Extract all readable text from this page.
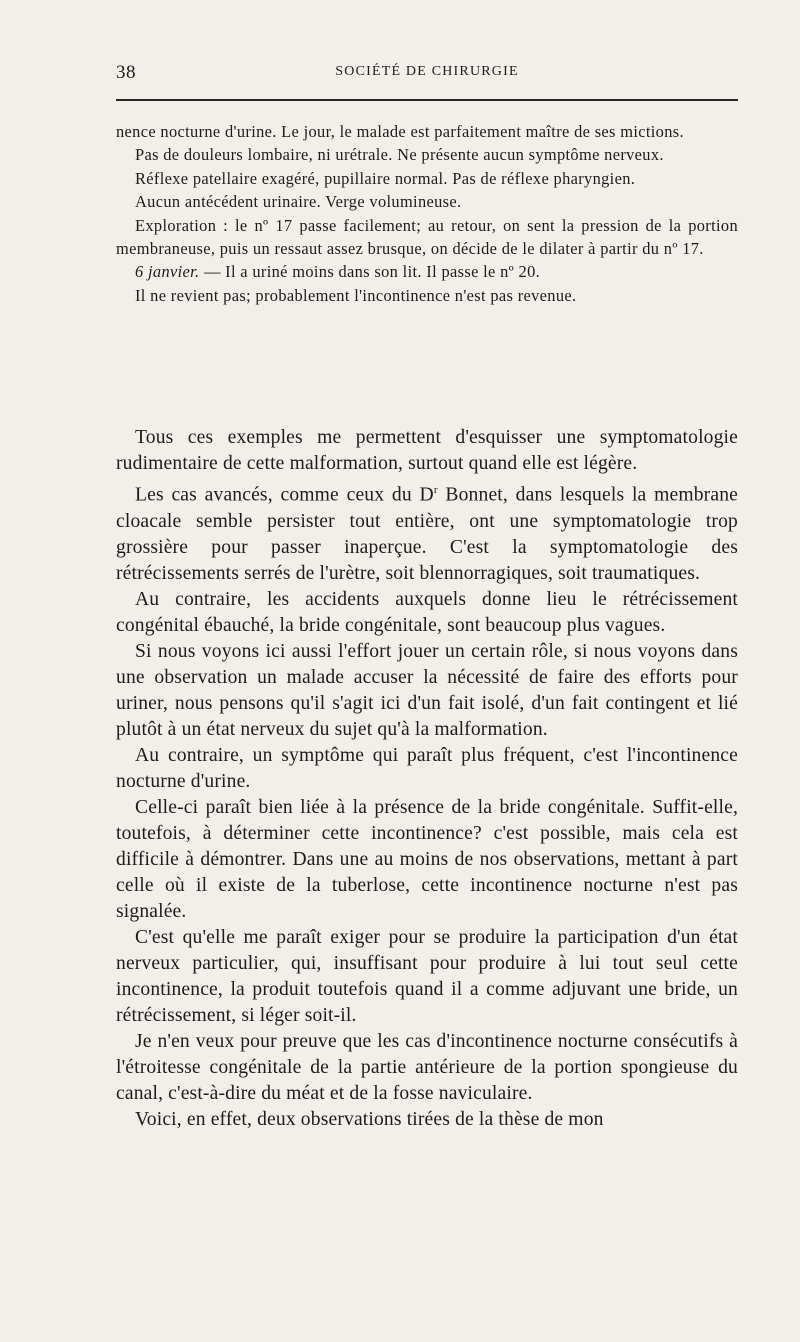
38	SOCIÉTÉ DE CHIRURGIE

nence nocturne d'urine. Le jour, le malade est parfaitement maître de ses mictions.

Pas de douleurs lombaire, ni urétrale. Ne présente aucun symptôme nerveux.

Réflexe patellaire exagéré, pupillaire normal. Pas de réflexe pharyngien.

Aucun antécédent urinaire. Verge volumineuse.

Exploration : le nº 17 passe facilement; au retour, on sent la pression de la portion membraneuse, puis un ressaut assez brusque, on décide de le dilater à partir du nº 17.

6 janvier. — Il a uriné moins dans son lit. Il passe le nº 20.

Il ne revient pas; probablement l'incontinence n'est pas revenue.

Tous ces exemples me permettent d'esquisser une symptomatologie rudimentaire de cette malformation, surtout quand elle est légère.

Les cas avancés, comme ceux du $D^r$ Bonnet, dans lesquels la membrane cloacale semble persister tout entière, ont une symptomatologie trop grossière pour passer inaperçue. C'est la symptomatologie des rétrécissements serrés de l'urètre, soit blennorragiques, soit traumatiques.

Au contraire, les accidents auxquels donne lieu le rétrécissement congénital ébauché, la bride congénitale, sont beaucoup plus vagues.

Si nous voyons ici aussi l'effort jouer un certain rôle, si nous voyons dans une observation un malade accuser la nécessité de faire des efforts pour uriner, nous pensons qu'il s'agit ici d'un fait isolé, d'un fait contingent et lié plutôt à un état nerveux du sujet qu'à la malformation.

Au contraire, un symptôme qui paraît plus fréquent, c'est l'incontinence nocturne d'urine.

Celle-ci paraît bien liée à la présence de la bride congénitale. Suffit-elle, toutefois, à déterminer cette incontinence? c'est possible, mais cela est difficile à démontrer. Dans une au moins de nos observations, mettant à part celle où il existe de la tuberlose, cette incontinence nocturne n'est pas signalée.

C'est qu'elle me paraît exiger pour se produire la participation d'un état nerveux particulier, qui, insuffisant pour produire à lui tout seul cette incontinence, la produit toutefois quand il a comme adjuvant une bride, un rétrécissement, si léger soit-il.

Je n'en veux pour preuve que les cas d'incontinence nocturne consécutifs à l'étroitesse congénitale de la partie antérieure de la portion spongieuse du canal, c'est-à-dire du méat et de la fosse naviculaire.

Voici, en effet, deux observations tirées de la thèse de mon
